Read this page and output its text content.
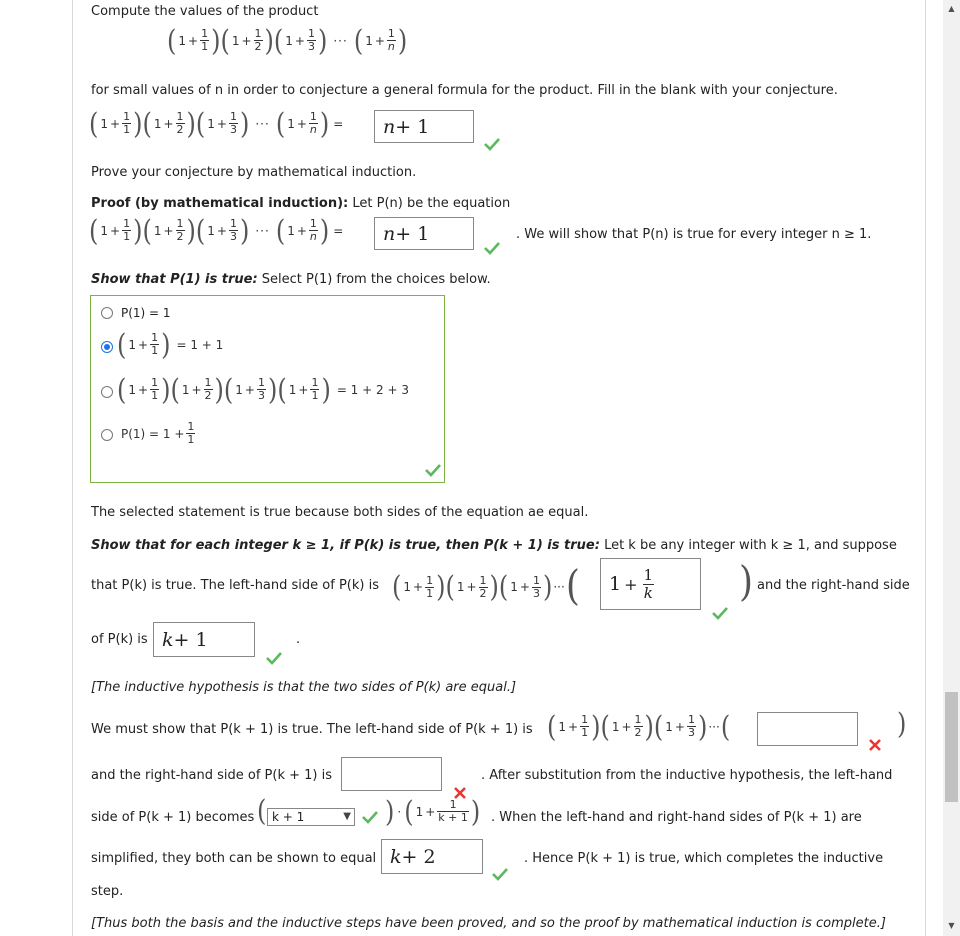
Compute the values of the product
( $1 + \frac{1}{1}$ ) ( $1 + \frac{1}{2}$ ) ( $1 + \frac{1}{3}$ ) ··· ( $1 + \frac{1}{n}$ )
for small values of n in order to conjecture a general formula for the product. Fill in the blank with your conjecture.
( $1 + \frac{1}{1}$ ) ( $1 + \frac{1}{2}$ ) ( $1 + \frac{1}{3}$ ) ··· ( $1 + \frac{1}{n}$ ) = n + 1
Prove your conjecture by mathematical induction.
Proof (by mathematical induction): Let P(n) be the equation
( $1 + \frac{1}{1}$ ) ( $1 + \frac{1}{2}$ ) ( $1 + \frac{1}{3}$ ) ··· ( $1 + \frac{1}{n}$ ) = n + 1	. We will show that P(n) is true for every integer n ≥ 1.
Show that P(1) is true: Select P(1) from the choices below.
P(1) = 1
( $1 + \frac{1}{1}$ ) = 1 + 1
( $1 + \frac{1}{1}$ ) ( $1 + \frac{1}{2}$ ) ( $1 + \frac{1}{3}$ ) ( $1 + \frac{1}{1}$ ) = 1 + 2 + 3
$P(1) = 1 + \frac{1}{1}$
The selected statement is true because both sides of the equation ae equal.
Show that for each integer k ≥ 1, if P(k) is true, then P(k + 1) is true: Let k be any integer with k ≥ 1, and suppose
that P(k) is true. The left-hand side of P(k) is ( $1 + \frac{1}{1}$ ) ( $1 + \frac{1}{2}$ ) ( $1 + \frac{1}{3}$ ) ··· ( $1 + \frac{1}{k}$ ) and the right-hand side
of P(k) is k + 1	.
[The inductive hypothesis is that the two sides of P(k) are equal.]
We must show that P(k + 1) is true. The left-hand side of P(k + 1) is ( $1 + \frac{1}{1}$ ) ( $1 + \frac{1}{2}$ ) ( $1 + \frac{1}{3}$ ) ··· (	)
and the right-hand side of P(k + 1) is	. After substitution from the inductive hypothesis, the left-hand
side of P(k + 1) becomes ( k + 1	▼ ) · ( $1 + \frac{1}{k + 1}$ ) . When the left-hand and right-hand sides of P(k + 1) are
simplified, they both can be shown to equal k + 2	. Hence P(k + 1) is true, which completes the inductive
step.
[Thus both the basis and the inductive steps have been proved, and so the proof by mathematical induction is complete.]
▲
▼
